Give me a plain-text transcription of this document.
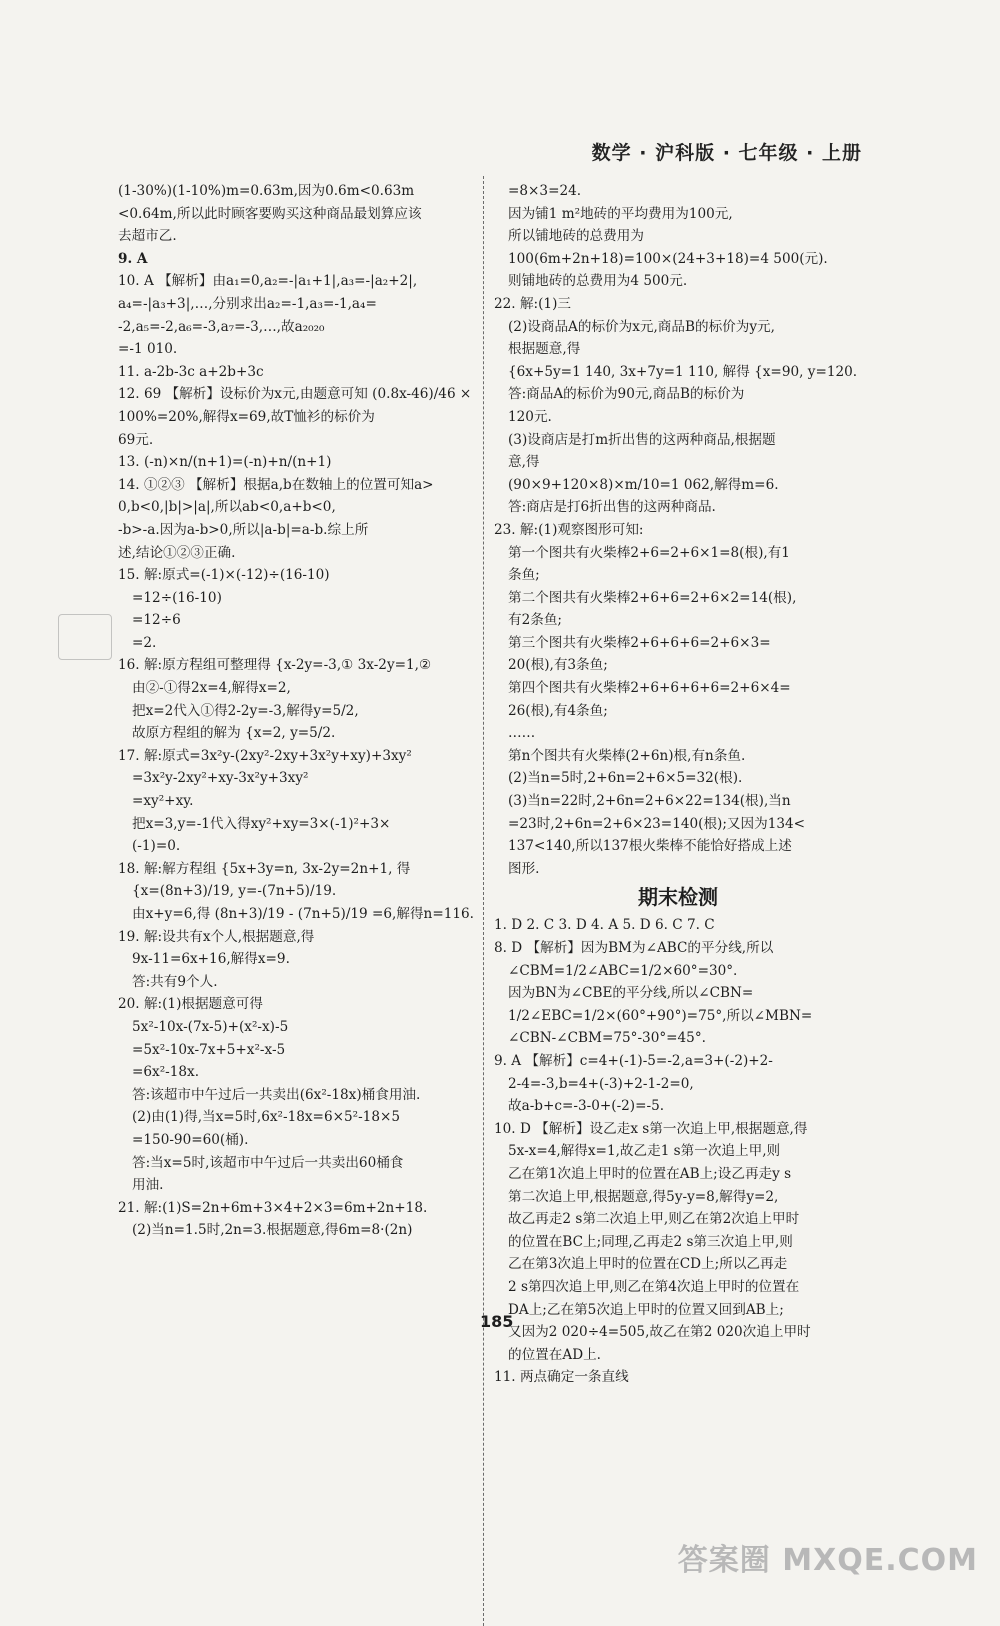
数学 · 沪科版 · 七年级 · 上册
(1-30%)(1-10%)m=0.63m,因为0.6m<0.63m
<0.64m,所以此时顾客要购买这种商品最划算应该
去超市乙.
9. A
10. A 【解析】由a₁=0,a₂=-|a₁+1|,a₃=-|a₂+2|,
a₄=-|a₃+3|,…,分别求出a₂=-1,a₃=-1,a₄=
-2,a₅=-2,a₆=-3,a₇=-3,…,故a₂₀₂₀
=-1 010.
11. a-2b-3c a+2b+3c
12. 69 【解析】设标价为x元,由题意可知 (0.8x-46)/46 ×
100%=20%,解得x=69,故T恤衫的标价为
69元.
13. (-n)×n/(n+1)=(-n)+n/(n+1)
14. ①②③ 【解析】根据a,b在数轴上的位置可知a>
0,b<0,|b|>|a|,所以ab<0,a+b<0,
-b>-a.因为a-b>0,所以|a-b|=a-b.综上所
述,结论①②③正确.
15. 解:原式=(-1)×(-12)÷(16-10)
=12÷(16-10)
=12÷6
=2.
16. 解:原方程组可整理得 {x-2y=-3,① 3x-2y=1,②
由②-①得2x=4,解得x=2,
把x=2代入①得2-2y=-3,解得y=5/2,
故原方程组的解为 {x=2, y=5/2.
17. 解:原式=3x²y-(2xy²-2xy+3x²y+xy)+3xy²
=3x²y-2xy²+xy-3x²y+3xy²
=xy²+xy.
把x=3,y=-1代入得xy²+xy=3×(-1)²+3×
(-1)=0.
18. 解:解方程组 {5x+3y=n, 3x-2y=2n+1, 得
{x=(8n+3)/19, y=-(7n+5)/19.
由x+y=6,得 (8n+3)/19 - (7n+5)/19 =6,解得n=116.
19. 解:设共有x个人,根据题意,得
9x-11=6x+16,解得x=9.
答:共有9个人.
20. 解:(1)根据题意可得
5x²-10x-(7x-5)+(x²-x)-5
=5x²-10x-7x+5+x²-x-5
=6x²-18x.
答:该超市中午过后一共卖出(6x²-18x)桶食用油.
(2)由(1)得,当x=5时,6x²-18x=6×5²-18×5
=150-90=60(桶).
答:当x=5时,该超市中午过后一共卖出60桶食
用油.
21. 解:(1)S=2n+6m+3×4+2×3=6m+2n+18.
(2)当n=1.5时,2n=3.根据题意,得6m=8·(2n)
=8×3=24.
因为铺1 m²地砖的平均费用为100元,
所以铺地砖的总费用为
100(6m+2n+18)=100×(24+3+18)=4 500(元).
则铺地砖的总费用为4 500元.
22. 解:(1)三
(2)设商品A的标价为x元,商品B的标价为y元,
根据题意,得
{6x+5y=1 140, 3x+7y=1 110, 解得 {x=90, y=120.
答:商品A的标价为90元,商品B的标价为
120元.
(3)设商店是打m折出售的这两种商品,根据题
意,得
(90×9+120×8)×m/10=1 062,解得m=6.
答:商店是打6折出售的这两种商品.
23. 解:(1)观察图形可知:
第一个图共有火柴棒2+6=2+6×1=8(根),有1
条鱼;
第二个图共有火柴棒2+6+6=2+6×2=14(根),
有2条鱼;
第三个图共有火柴棒2+6+6+6=2+6×3=
20(根),有3条鱼;
第四个图共有火柴棒2+6+6+6+6=2+6×4=
26(根),有4条鱼;
……
第n个图共有火柴棒(2+6n)根,有n条鱼.
(2)当n=5时,2+6n=2+6×5=32(根).
(3)当n=22时,2+6n=2+6×22=134(根),当n
=23时,2+6n=2+6×23=140(根);又因为134<
137<140,所以137根火柴棒不能恰好搭成上述
图形.
期末检测
1. D 2. C 3. D 4. A 5. D 6. C 7. C
8. D 【解析】因为BM为∠ABC的平分线,所以
∠CBM=1/2∠ABC=1/2×60°=30°.
因为BN为∠CBE的平分线,所以∠CBN=
1/2∠EBC=1/2×(60°+90°)=75°,所以∠MBN=
∠CBN-∠CBM=75°-30°=45°.
9. A 【解析】c=4+(-1)-5=-2,a=3+(-2)+2-
2-4=-3,b=4+(-3)+2-1-2=0,
故a-b+c=-3-0+(-2)=-5.
10. D 【解析】设乙走x s第一次追上甲,根据题意,得
5x-x=4,解得x=1,故乙走1 s第一次追上甲,则
乙在第1次追上甲时的位置在AB上;设乙再走y s
第二次追上甲,根据题意,得5y-y=8,解得y=2,
故乙再走2 s第二次追上甲,则乙在第2次追上甲时
的位置在BC上;同理,乙再走2 s第三次追上甲,则
乙在第3次追上甲时的位置在CD上;所以乙再走
2 s第四次追上甲,则乙在第4次追上甲时的位置在
DA上;乙在第5次追上甲时的位置又回到AB上;
又因为2 020÷4=505,故乙在第2 020次追上甲时
的位置在AD上.
11. 两点确定一条直线
185
答案圈 MXQE.COM
